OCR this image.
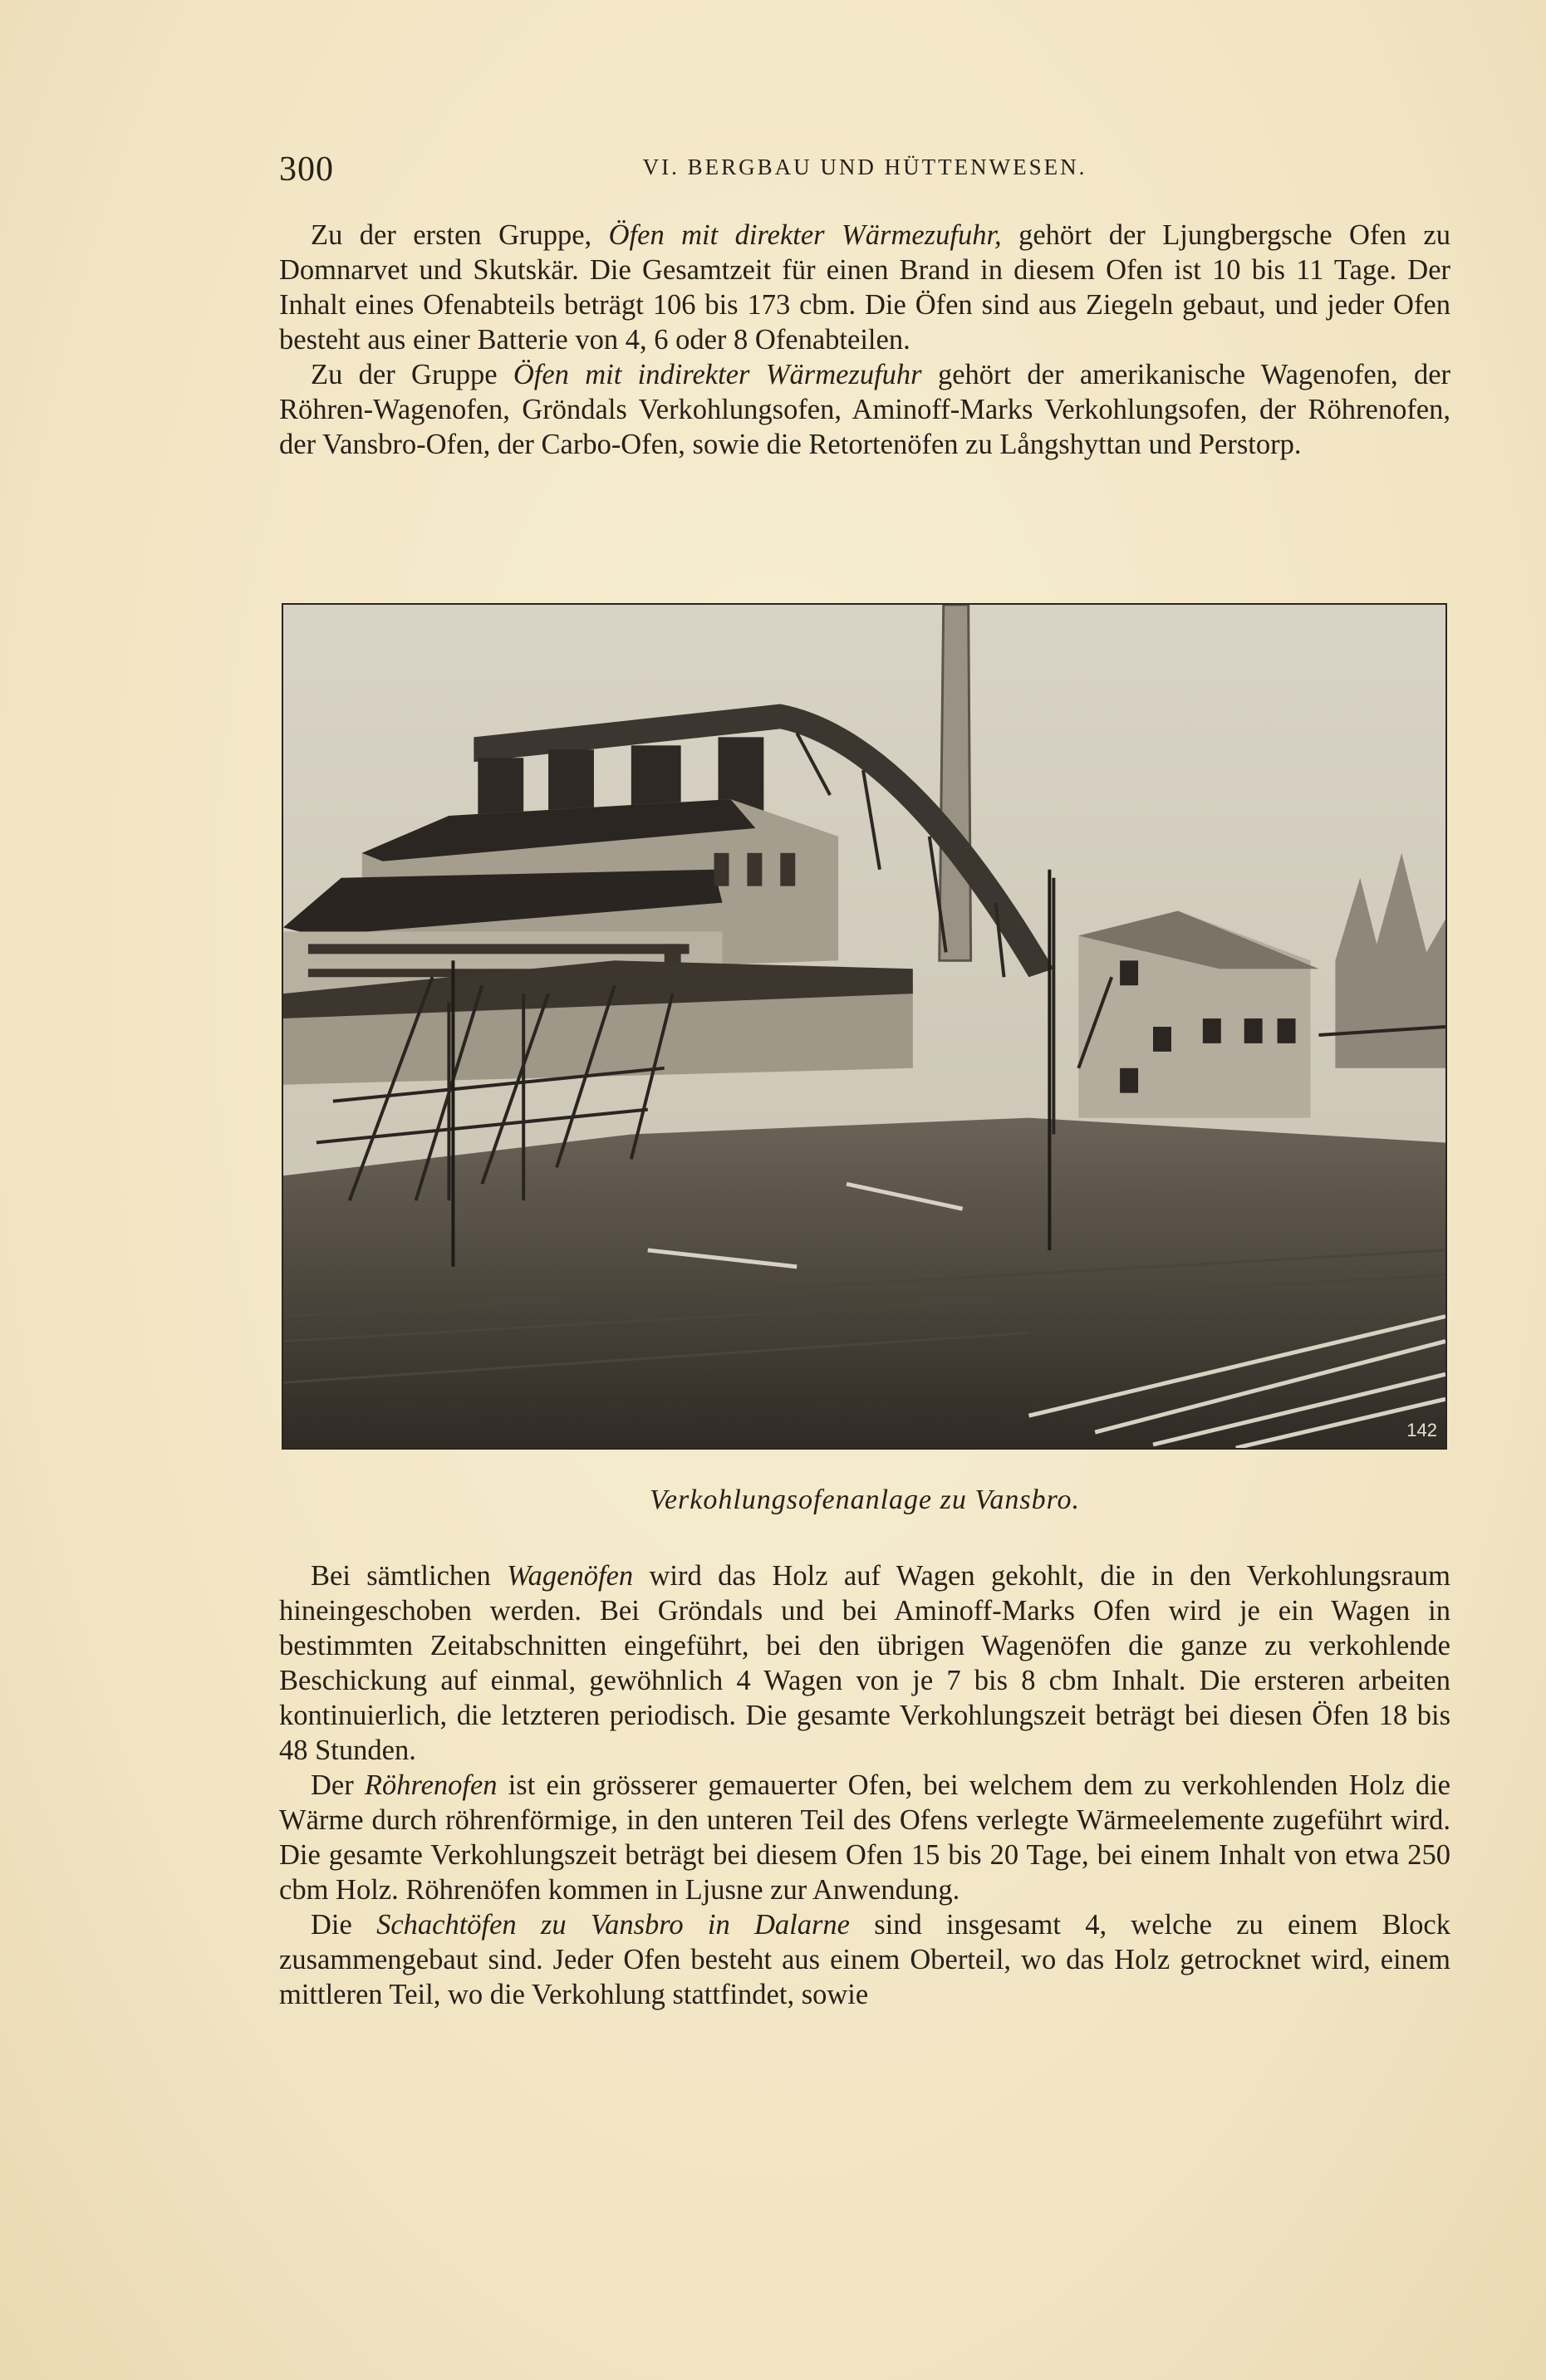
300	VI. BERGBAU UND HÜTTENWESEN.

Zu der ersten Gruppe, Öfen mit direkter Wärmezufuhr, gehört der Ljungbergsche Ofen zu Domnarvet und Skutskär. Die Gesamtzeit für einen Brand in diesem Ofen ist 10 bis 11 Tage. Der Inhalt eines Ofenabteils beträgt 106 bis 173 cbm. Die Öfen sind aus Ziegeln gebaut, und jeder Ofen besteht aus einer Batterie von 4, 6 oder 8 Ofenabteilen.

Zu der Gruppe Öfen mit indirekter Wärmezufuhr gehört der amerikanische Wagenofen, der Röhren-Wagenofen, Gröndals Verkohlungsofen, Aminoff-Marks Verkohlungsofen, der Röhrenofen, der Vansbro-Ofen, der Carbo-Ofen, sowie die Retortenöfen zu Långshyttan und Perstorp.

142
Verkohlungsofenanlage zu Vansbro.

Bei sämtlichen Wagenöfen wird das Holz auf Wagen gekohlt, die in den Verkohlungsraum hineingeschoben werden. Bei Gröndals und bei Aminoff-Marks Ofen wird je ein Wagen in bestimmten Zeitabschnitten eingeführt, bei den übrigen Wagenöfen die ganze zu verkohlende Beschickung auf einmal, gewöhnlich 4 Wagen von je 7 bis 8 cbm Inhalt. Die ersteren arbeiten kontinuierlich, die letzteren periodisch. Die gesamte Verkohlungszeit beträgt bei diesen Öfen 18 bis 48 Stunden.

Der Röhrenofen ist ein grösserer gemauerter Ofen, bei welchem dem zu verkohlenden Holz die Wärme durch röhrenförmige, in den unteren Teil des Ofens verlegte Wärmeelemente zugeführt wird. Die gesamte Verkohlungszeit beträgt bei diesem Ofen 15 bis 20 Tage, bei einem Inhalt von etwa 250 cbm Holz. Röhrenöfen kommen in Ljusne zur Anwendung.

Die Schachtöfen zu Vansbro in Dalarne sind insgesamt 4, welche zu einem Block zusammengebaut sind. Jeder Ofen besteht aus einem Oberteil, wo das Holz getrocknet wird, einem mittleren Teil, wo die Verkohlung stattfindet, sowie
